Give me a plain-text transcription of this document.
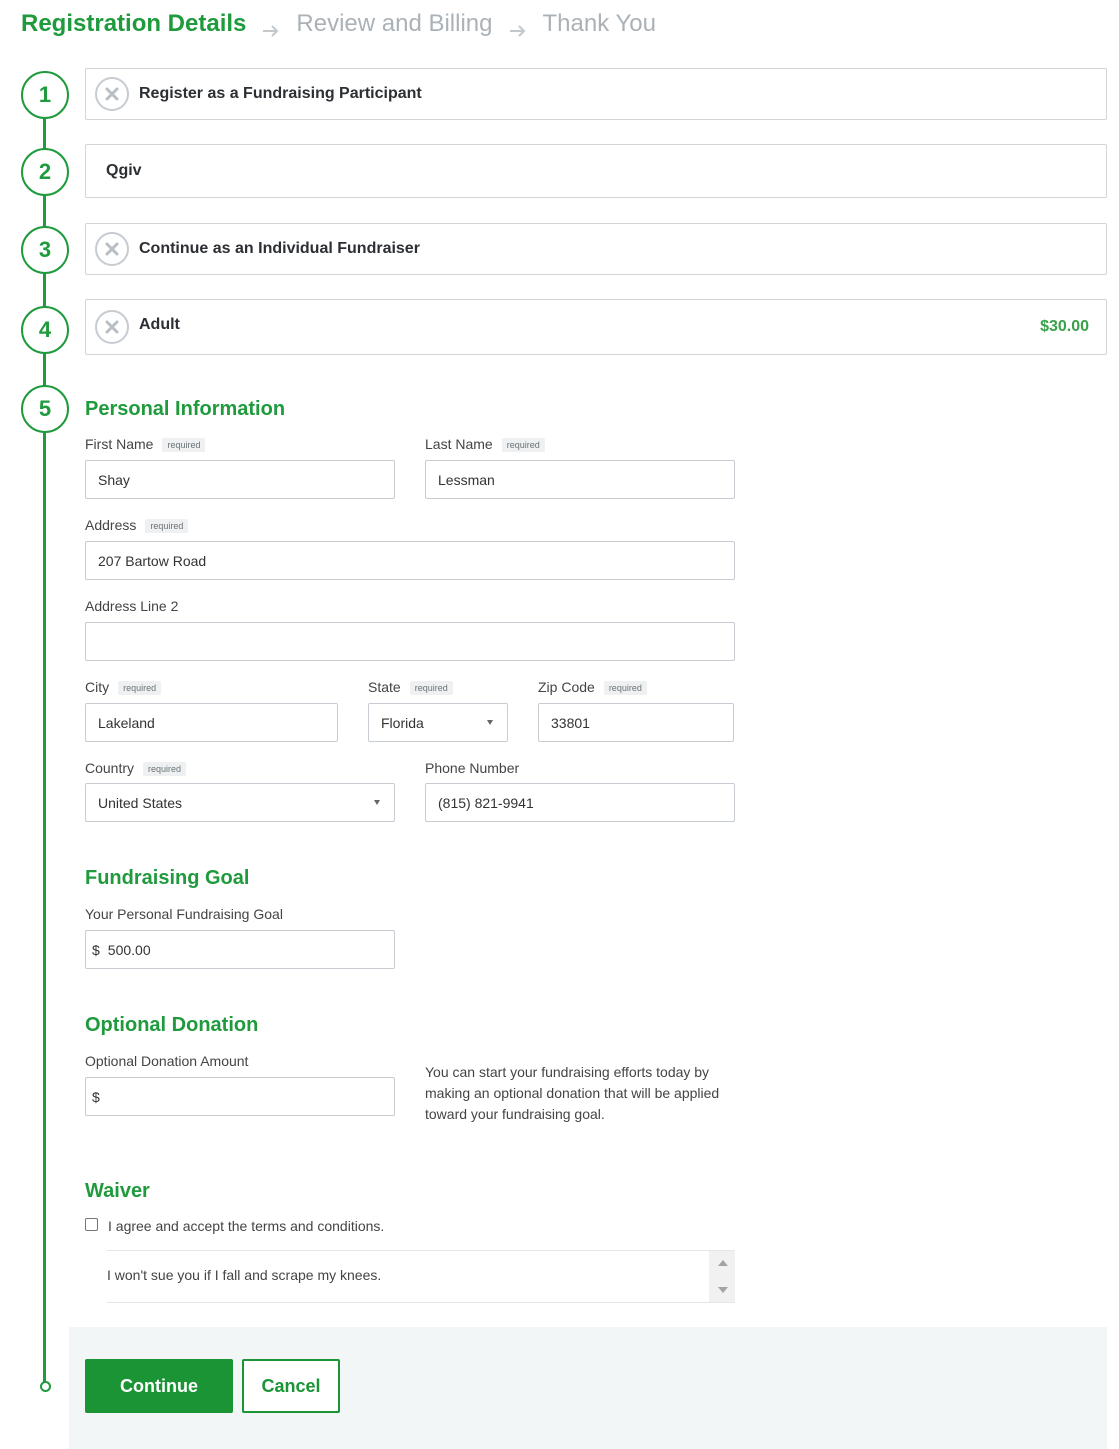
Registration Details Review and Billing Thank You
1
2
3
4
5
Register as a Fundraising Participant
Qgiv
Continue as an Individual Fundraiser
Adult	$30.00
Personal Information
First Name required
Shay
Last Name required
Lessman
Address required
207 Bartow Road
Address Line 2
City required
Lakeland
State required
Florida
Zip Code required
33801
Country required
United States
Phone Number
(815) 821-9941
Fundraising Goal
Your Personal Fundraising Goal
$ 500.00
Optional Donation
Optional Donation Amount
$
You can start your fundraising efforts today by making an optional donation that will be applied toward your fundraising goal.
Waiver
I agree and accept the terms and conditions.
I won't sue you if I fall and scrape my knees.
Continue	Cancel
